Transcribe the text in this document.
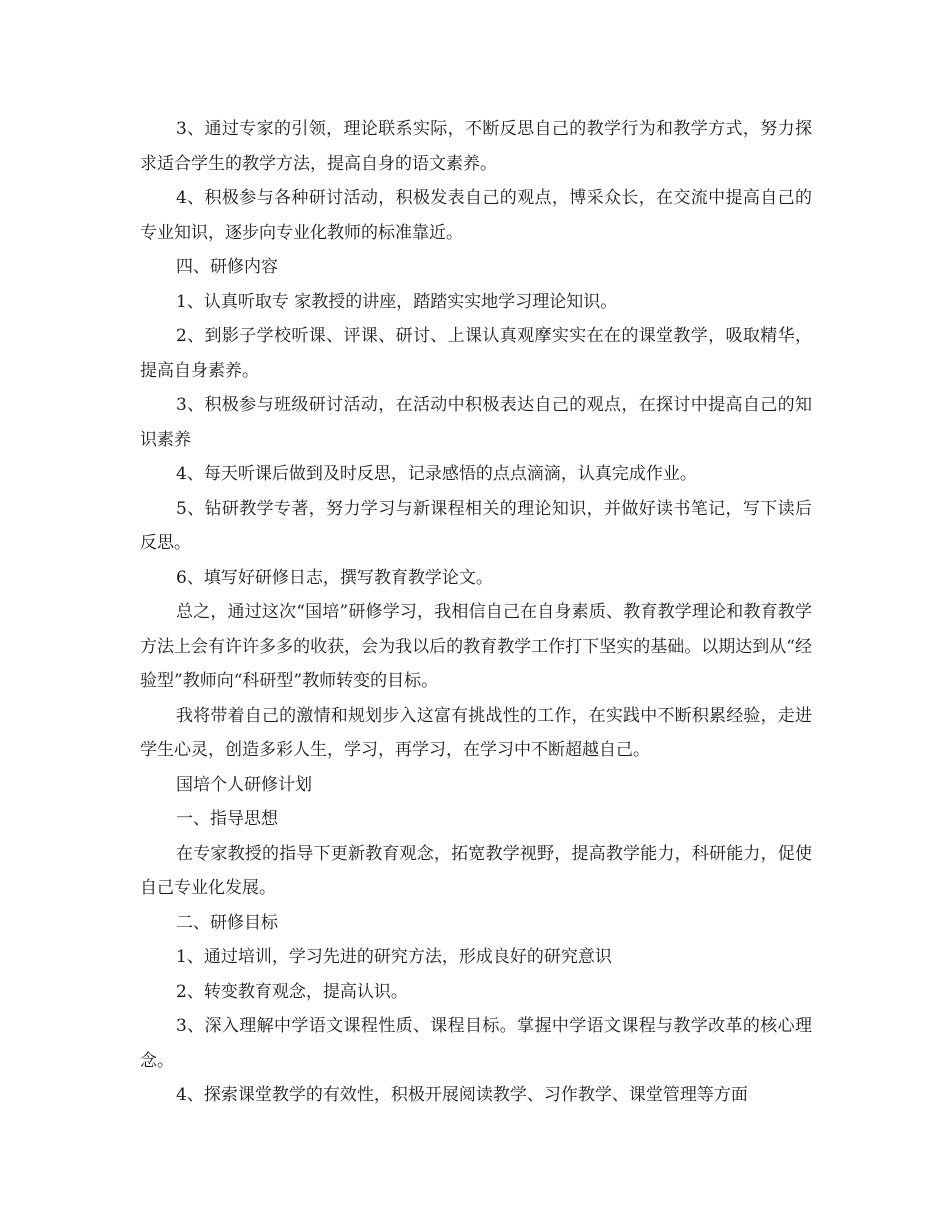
3、通过专家的引领，理论联系实际，不断反思自己的教学行为和教学方式，努力探求适合学生的教学方法，提高自身的语文素养。

4、积极参与各种研讨活动，积极发表自己的观点，博采众长，在交流中提高自己的专业知识，逐步向专业化教师的标准靠近。

四、研修内容

1、认真听取专 家教授的讲座，踏踏实实地学习理论知识。

2、到影子学校听课、评课、研讨、上课认真观摩实实在在的课堂教学，吸取精华，提高自身素养。

3、积极参与班级研讨活动，在活动中积极表达自己的观点，在探讨中提高自己的知识素养

4、每天听课后做到及时反思，记录感悟的点点滴滴，认真完成作业。

5、钻研教学专著，努力学习与新课程相关的理论知识，并做好读书笔记，写下读后反思。

6、填写好研修日志，撰写教育教学论文。

总之，通过这次“国培”研修学习，我相信自己在自身素质、教育教学理论和教育教学方法上会有许许多多的收获，会为我以后的教育教学工作打下坚实的基础。以期达到从“经验型”教师向“科研型”教师转变的目标。

我将带着自己的激情和规划步入这富有挑战性的工作，在实践中不断积累经验，走进学生心灵，创造多彩人生，学习，再学习，在学习中不断超越自己。

国培个人研修计划

一、指导思想

在专家教授的指导下更新教育观念，拓宽教学视野，提高教学能力，科研能力，促使自己专业化发展。

二、研修目标

1、通过培训，学习先进的研究方法，形成良好的研究意识

2、转变教育观念，提高认识。

3、深入理解中学语文课程性质、课程目标。掌握中学语文课程与教学改革的核心理念。

4、探索课堂教学的有效性，积极开展阅读教学、习作教学、课堂管理等方面
